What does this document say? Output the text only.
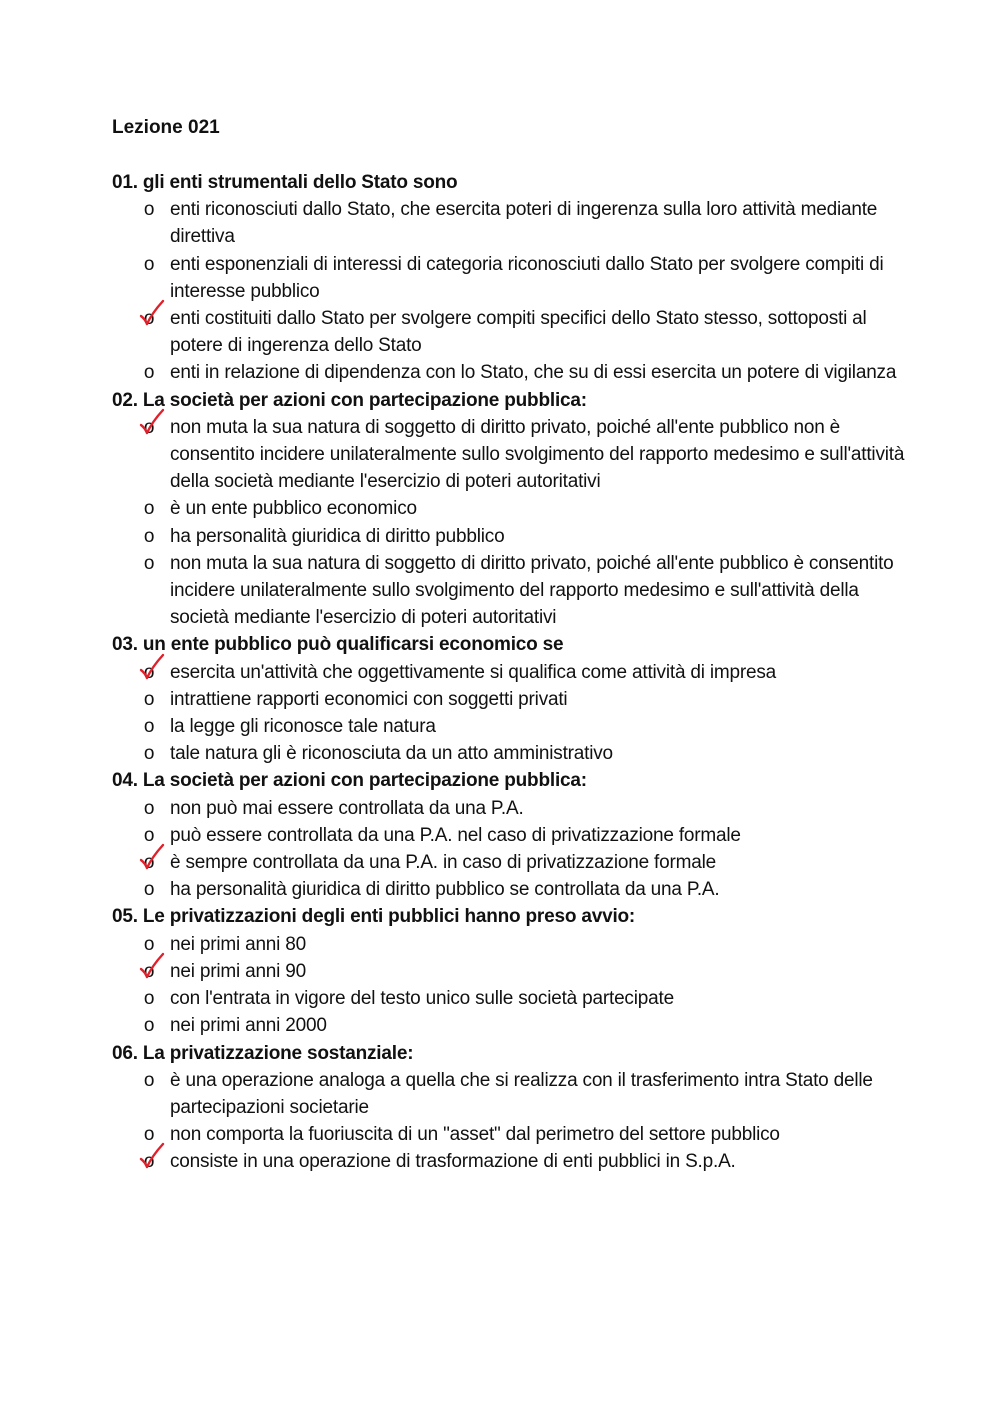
Lezione 021

01. gli enti strumentali dello Stato sono

o enti riconosciuti dallo Stato, che esercita poteri di ingerenza sulla loro attività mediante direttiva
o enti esponenziali di interessi di categoria riconosciuti dallo Stato per svolgere compiti di interesse pubblico
o enti costituiti dallo Stato per svolgere compiti specifici dello Stato stesso, sottoposti al potere di ingerenza dello Stato
o enti in relazione di dipendenza con lo Stato, che su di essi esercita un potere di vigilanza

02. La società per azioni con partecipazione pubblica:

o non muta la sua natura di soggetto di diritto privato, poiché all'ente pubblico non è consentito incidere unilateralmente sullo svolgimento del rapporto medesimo e sull'attività della società mediante l'esercizio di poteri autoritativi
o è un ente pubblico economico
o ha personalità giuridica di diritto pubblico
o non muta la sua natura di soggetto di diritto privato, poiché all'ente pubblico è consentito incidere unilateralmente sullo svolgimento del rapporto medesimo e sull'attività della società mediante l'esercizio di poteri autoritativi

03. un ente pubblico può qualificarsi economico se

o esercita un'attività che oggettivamente si qualifica come attività di impresa
o intrattiene rapporti economici con soggetti privati
o la legge gli riconosce tale natura
o tale natura gli è riconosciuta da un atto amministrativo

04. La società per azioni con partecipazione pubblica:

o non può mai essere controllata da una P.A.
o può essere controllata da una P.A. nel caso di privatizzazione formale
o è sempre controllata da una P.A. in caso di privatizzazione formale
o ha personalità giuridica di diritto pubblico se controllata da una P.A.

05. Le privatizzazioni degli enti pubblici hanno preso avvio:

o nei primi anni 80
o nei primi anni 90
o con l'entrata in vigore del testo unico sulle società partecipate
o nei primi anni 2000

06. La privatizzazione sostanziale:

o è una operazione analoga a quella che si realizza con il trasferimento intra Stato delle partecipazioni societarie
o non comporta la fuoriuscita di un "asset" dal perimetro del settore pubblico
o consiste in una operazione di trasformazione di enti pubblici in S.p.A.
